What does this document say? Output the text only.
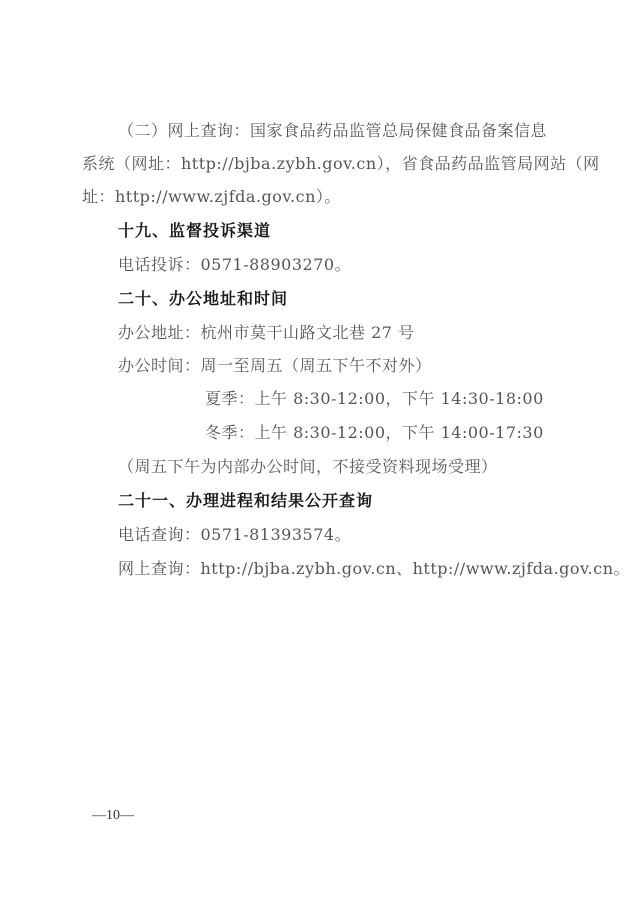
（二）网上查询：国家食品药品监管总局保健食品备案信息
系统（网址：http://bjba.zybh.gov.cn），省食品药品监管局网站（网
址：http://www.zjfda.gov.cn）。
十九、监督投诉渠道
电话投诉：0571-88903270。
二十、办公地址和时间
办公地址：杭州市莫干山路文北巷 27 号
办公时间：周一至周五（周五下午不对外）
夏季：上午 8:30-12:00，下午 14:30-18:00
冬季：上午 8:30-12:00，下午 14:00-17:30
（周五下午为内部办公时间，不接受资料现场受理）
二十一、办理进程和结果公开查询
电话查询：0571-81393574。
网上查询：http://bjba.zybh.gov.cn、http://www.zjfda.gov.cn。
—10—
